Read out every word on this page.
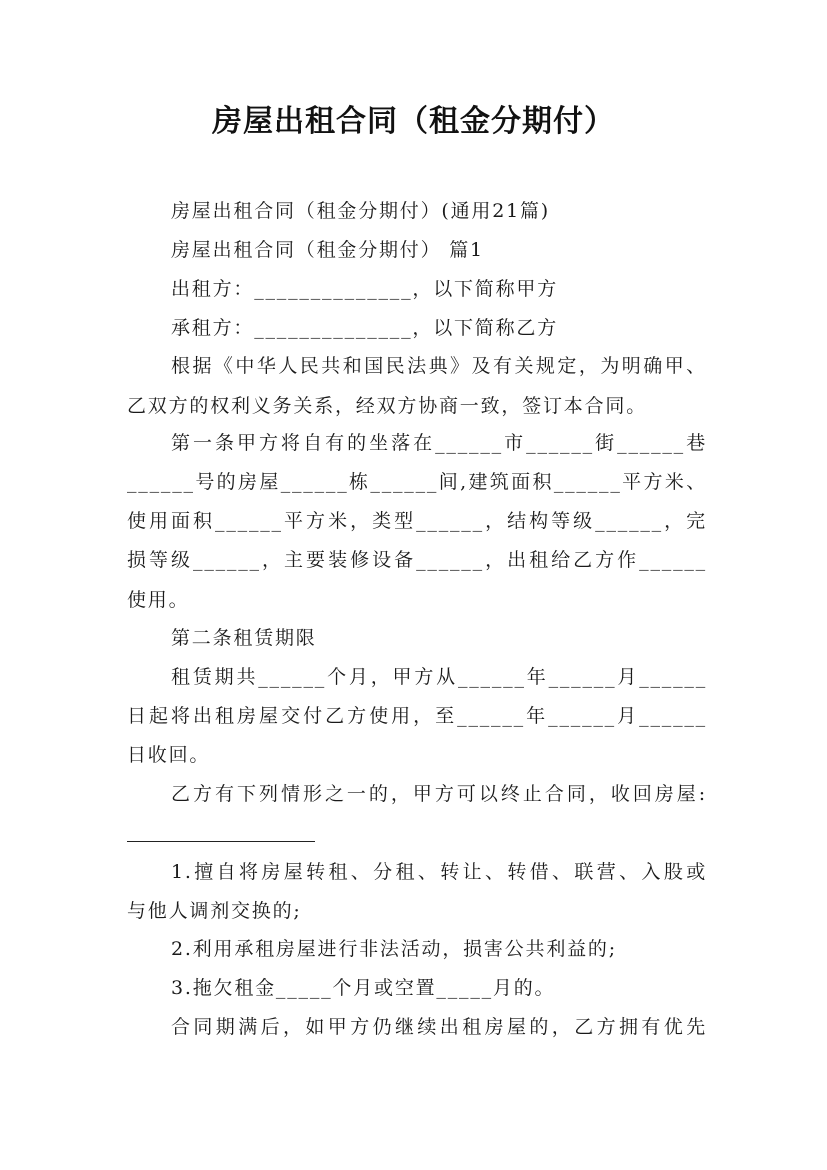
房屋出租合同（租金分期付）
房屋出租合同（租金分期付）(通用21篇)
房屋出租合同（租金分期付） 篇1
出租方：______________，以下简称甲方
承租方：______________，以下简称乙方
根据《中华人民共和国民法典》及有关规定，为明确甲、
乙双方的权利义务关系，经双方协商一致，签订本合同。
第一条甲方将自有的坐落在______市______街______巷
______号的房屋______栋______间,建筑面积______平方米、
使用面积______平方米，类型______，结构等级______，完
损等级______，主要装修设备______，出租给乙方作______
使用。
第二条租赁期限
租赁期共______个月，甲方从______年______月______
日起将出租房屋交付乙方使用，至______年______月______
日收回。
乙方有下列情形之一的，甲方可以终止合同，收回房屋:
1.擅自将房屋转租、分租、转让、转借、联营、入股或
与他人调剂交换的;
2.利用承租房屋进行非法活动，损害公共利益的;
3.拖欠租金_____个月或空置_____月的。
合同期满后，如甲方仍继续出租房屋的，乙方拥有优先
